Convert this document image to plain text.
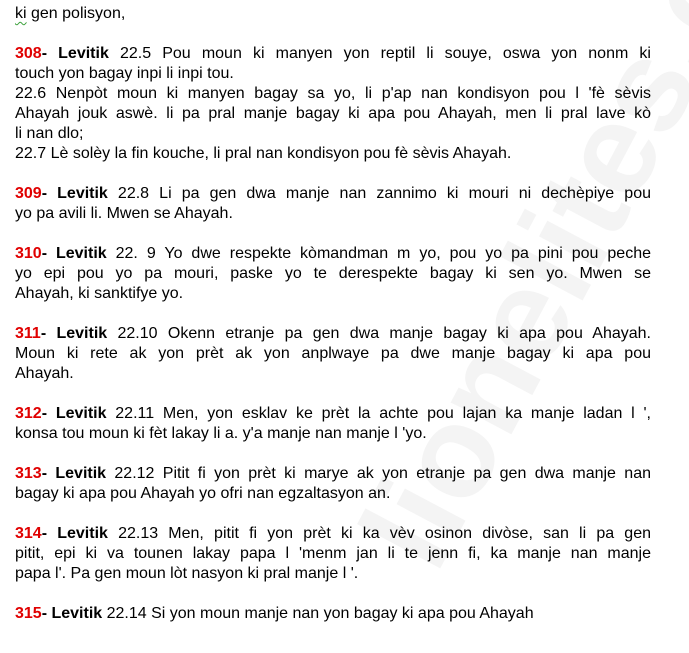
ki gen polisyon,
308- Levitik 22.5 Pou moun ki manyen yon reptil li souye, oswa yon nonm ki
touch yon bagay inpi li inpi tou.
22.6 Nenpòt moun ki manyen bagay sa yo, li p'ap nan kondisyon pou l 'fè sèvis
Ahayah jouk aswè. li pa pral manje bagay ki apa pou Ahayah, men li pral lave kò
li nan dlo;
22.7 Lè solèy la fin kouche, li pral nan kondisyon pou fè sèvis Ahayah.
309- Levitik 22.8 Li pa gen dwa manje nan zannimo ki mouri ni dechèpiye pou
yo pa avili li. Mwen se Ahayah.
310- Levitik 22. 9 Yo dwe respekte kòmandman m yo, pou yo pa pini pou peche
yo epi pou yo pa mouri, paske yo te derespekte bagay ki sen yo. Mwen se
Ahayah, ki sanktifye yo.
311- Levitik 22.10 Okenn etranje pa gen dwa manje bagay ki apa pou Ahayah.
Moun ki rete ak yon prèt ak yon anplwaye pa dwe manje bagay ki apa pou
Ahayah.
312- Levitik 22.11 Men, yon esklav ke prèt la achte pou lajan ka manje ladan l ',
konsa tou moun ki fèt lakay li a. y'a manje nan manje l 'yo.
313- Levitik 22.12 Pitit fi yon prèt ki marye ak yon etranje pa gen dwa manje nan
bagay ki apa pou Ahayah yo ofri nan egzaltasyon an.
314- Levitik 22.13 Men, pitit fi yon prèt ki ka vèv osinon divòse, san li pa gen
pitit, epi ki va tounen lakay papa l 'menm jan li te jenn fi, ka manje nan manje
papa l'. Pa gen moun lòt nasyon ki pral manje l '.
315- Levitik 22.14 Si yon moun manje nan yon bagay ki apa pou Ahayah
